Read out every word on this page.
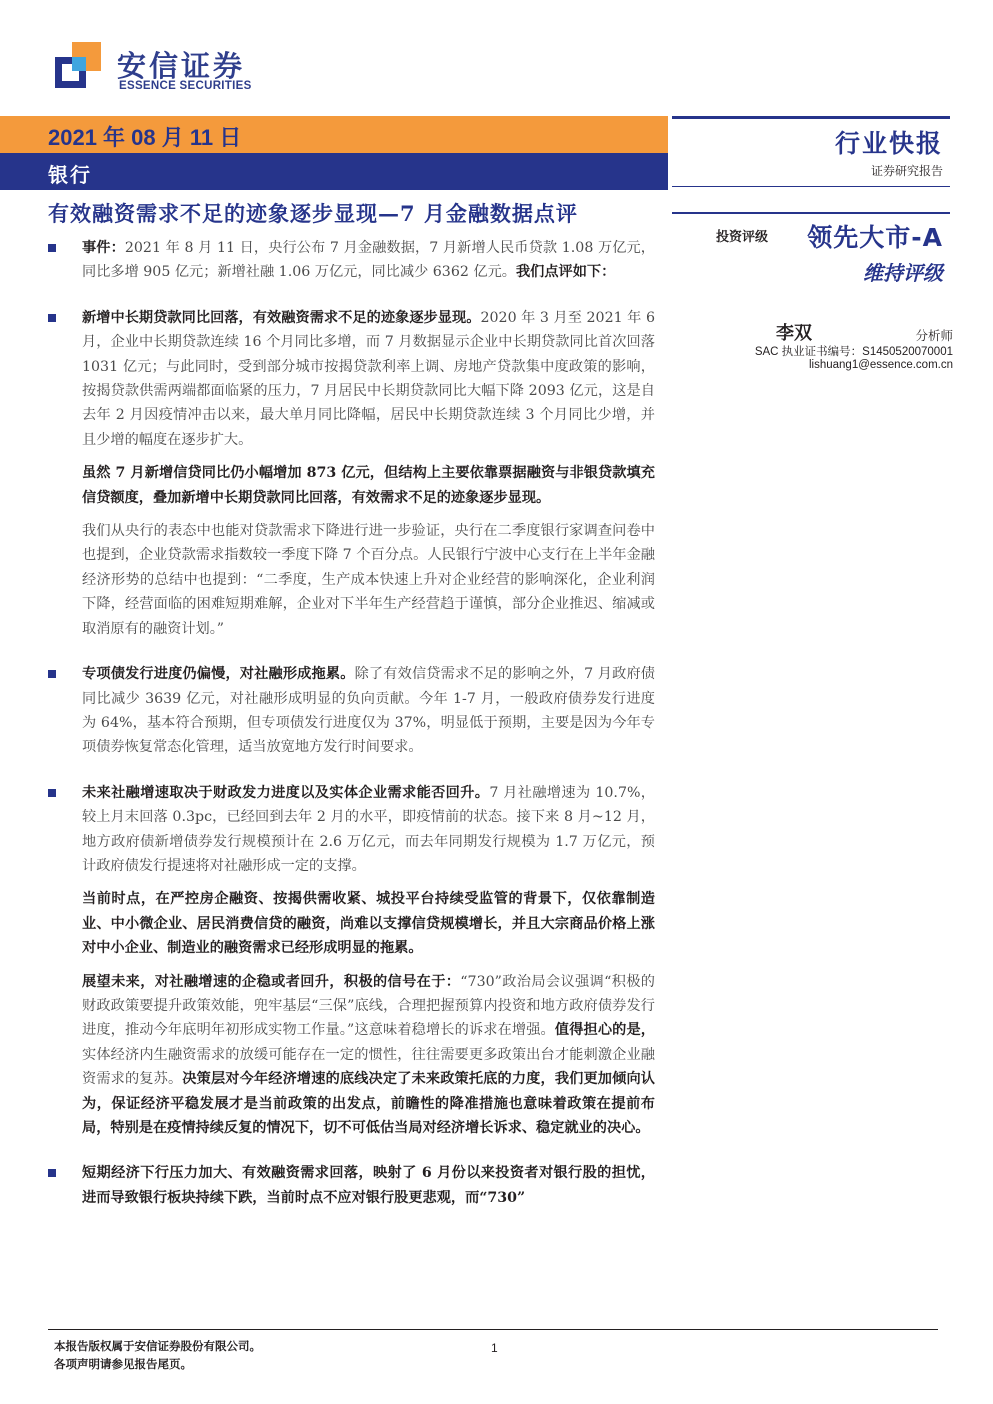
安信证券
ESSENCE SECURITIES
2021 年 08 月 11 日
银行
行业快报
证券研究报告
有效融资需求不足的迹象逐步显现—7 月金融数据点评
投资评级 领先大市-A
维持评级
李双	分析师
SAC 执业证书编号：S1450520070001
lishuang1@essence.com.cn
事件：2021 年 8 月 11 日，央行公布 7 月金融数据，7 月新增人民币贷款 1.08 万亿元，同比多增 905 亿元；新增社融 1.06 万亿元，同比减少 6362 亿元。我们点评如下：
新增中长期贷款同比回落，有效融资需求不足的迹象逐步显现。2020 年 3 月至 2021 年 6 月，企业中长期贷款连续 16 个月同比多增，而 7 月数据显示企业中长期贷款同比首次回落 1031 亿元；与此同时，受到部分城市按揭贷款利率上调、房地产贷款集中度政策的影响，按揭贷款供需两端都面临紧的压力，7 月居民中长期贷款同比大幅下降 2093 亿元，这是自去年 2 月因疫情冲击以来，最大单月同比降幅，居民中长期贷款连续 3 个月同比少增，并且少增的幅度在逐步扩大。
虽然 7 月新增信贷同比仍小幅增加 873 亿元，但结构上主要依靠票据融资与非银贷款填充信贷额度，叠加新增中长期贷款同比回落，有效需求不足的迹象逐步显现。
我们从央行的表态中也能对贷款需求下降进行进一步验证，央行在二季度银行家调查问卷中也提到，企业贷款需求指数较一季度下降 7 个百分点。人民银行宁波中心支行在上半年金融经济形势的总结中也提到：“二季度，生产成本快速上升对企业经营的影响深化，企业利润下降，经营面临的困难短期难解，企业对下半年生产经营趋于谨慎，部分企业推迟、缩减或取消原有的融资计划。”
专项债发行进度仍偏慢，对社融形成拖累。除了有效信贷需求不足的影响之外，7 月政府债同比减少 3639 亿元，对社融形成明显的负向贡献。今年 1-7 月，一般政府债券发行进度为 64%，基本符合预期，但专项债发行进度仅为 37%，明显低于预期，主要是因为今年专项债券恢复常态化管理，适当放宽地方发行时间要求。
未来社融增速取决于财政发力进度以及实体企业需求能否回升。7 月社融增速为 10.7%，较上月末回落 0.3pc，已经回到去年 2 月的水平，即疫情前的状态。接下来 8 月~12 月，地方政府债新增债券发行规模预计在 2.6 万亿元，而去年同期发行规模为 1.7 万亿元，预计政府债发行提速将对社融形成一定的支撑。
当前时点，在严控房企融资、按揭供需收紧、城投平台持续受监管的背景下，仅依靠制造业、中小微企业、居民消费信贷的融资，尚难以支撑信贷规模增长，并且大宗商品价格上涨对中小企业、制造业的融资需求已经形成明显的拖累。
展望未来，对社融增速的企稳或者回升，积极的信号在于：“730”政治局会议强调“积极的财政政策要提升政策效能，兜牢基层“三保”底线，合理把握预算内投资和地方政府债券发行进度，推动今年底明年初形成实物工作量。”这意味着稳增长的诉求在增强。值得担心的是，实体经济内生融资需求的放缓可能存在一定的惯性，往往需要更多政策出台才能刺激企业融资需求的复苏。决策层对今年经济增速的底线决定了未来政策托底的力度，我们更加倾向认为，保证经济平稳发展才是当前政策的出发点，前瞻性的降准措施也意味着政策在提前布局，特别是在疫情持续反复的情况下，切不可低估当局对经济增长诉求、稳定就业的决心。
短期经济下行压力加大、有效融资需求回落，映射了 6 月份以来投资者对银行股的担忧，进而导致银行板块持续下跌，当前时点不应对银行股更悲观，而“730”
本报告版权属于安信证券股份有限公司。
各项声明请参见报告尾页。
1
